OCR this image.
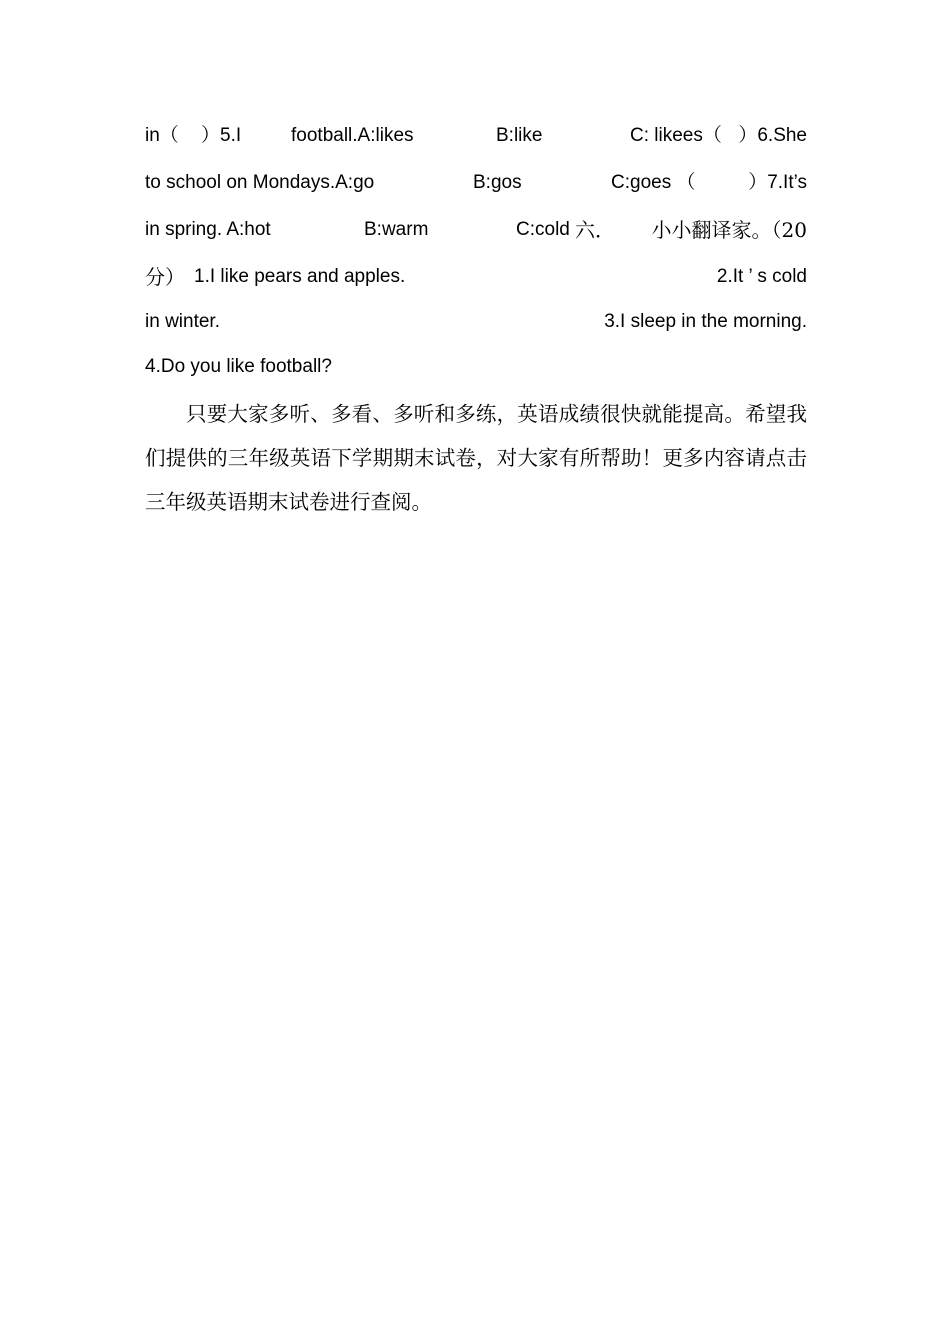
in（ ）5.I	football.A:likes	B:like	C: likees（ ）6.She
to school on Mondays.A:go	B:gos	C:goes （	）7.It’s
in spring. A:hot	B:warm	C:cold 六． 小小翻译家。（20
分） 1.I like pears and apples.	2.It ’ s cold
in winter.	3.I sleep in the morning.
4.Do you like football?

只要大家多听、多看、多听和多练，英语成绩很快就能提高。希望我们提供的三年级英语下学期期末试卷，对大家有所帮助！更多内容请点击三年级英语期末试卷进行查阅。
